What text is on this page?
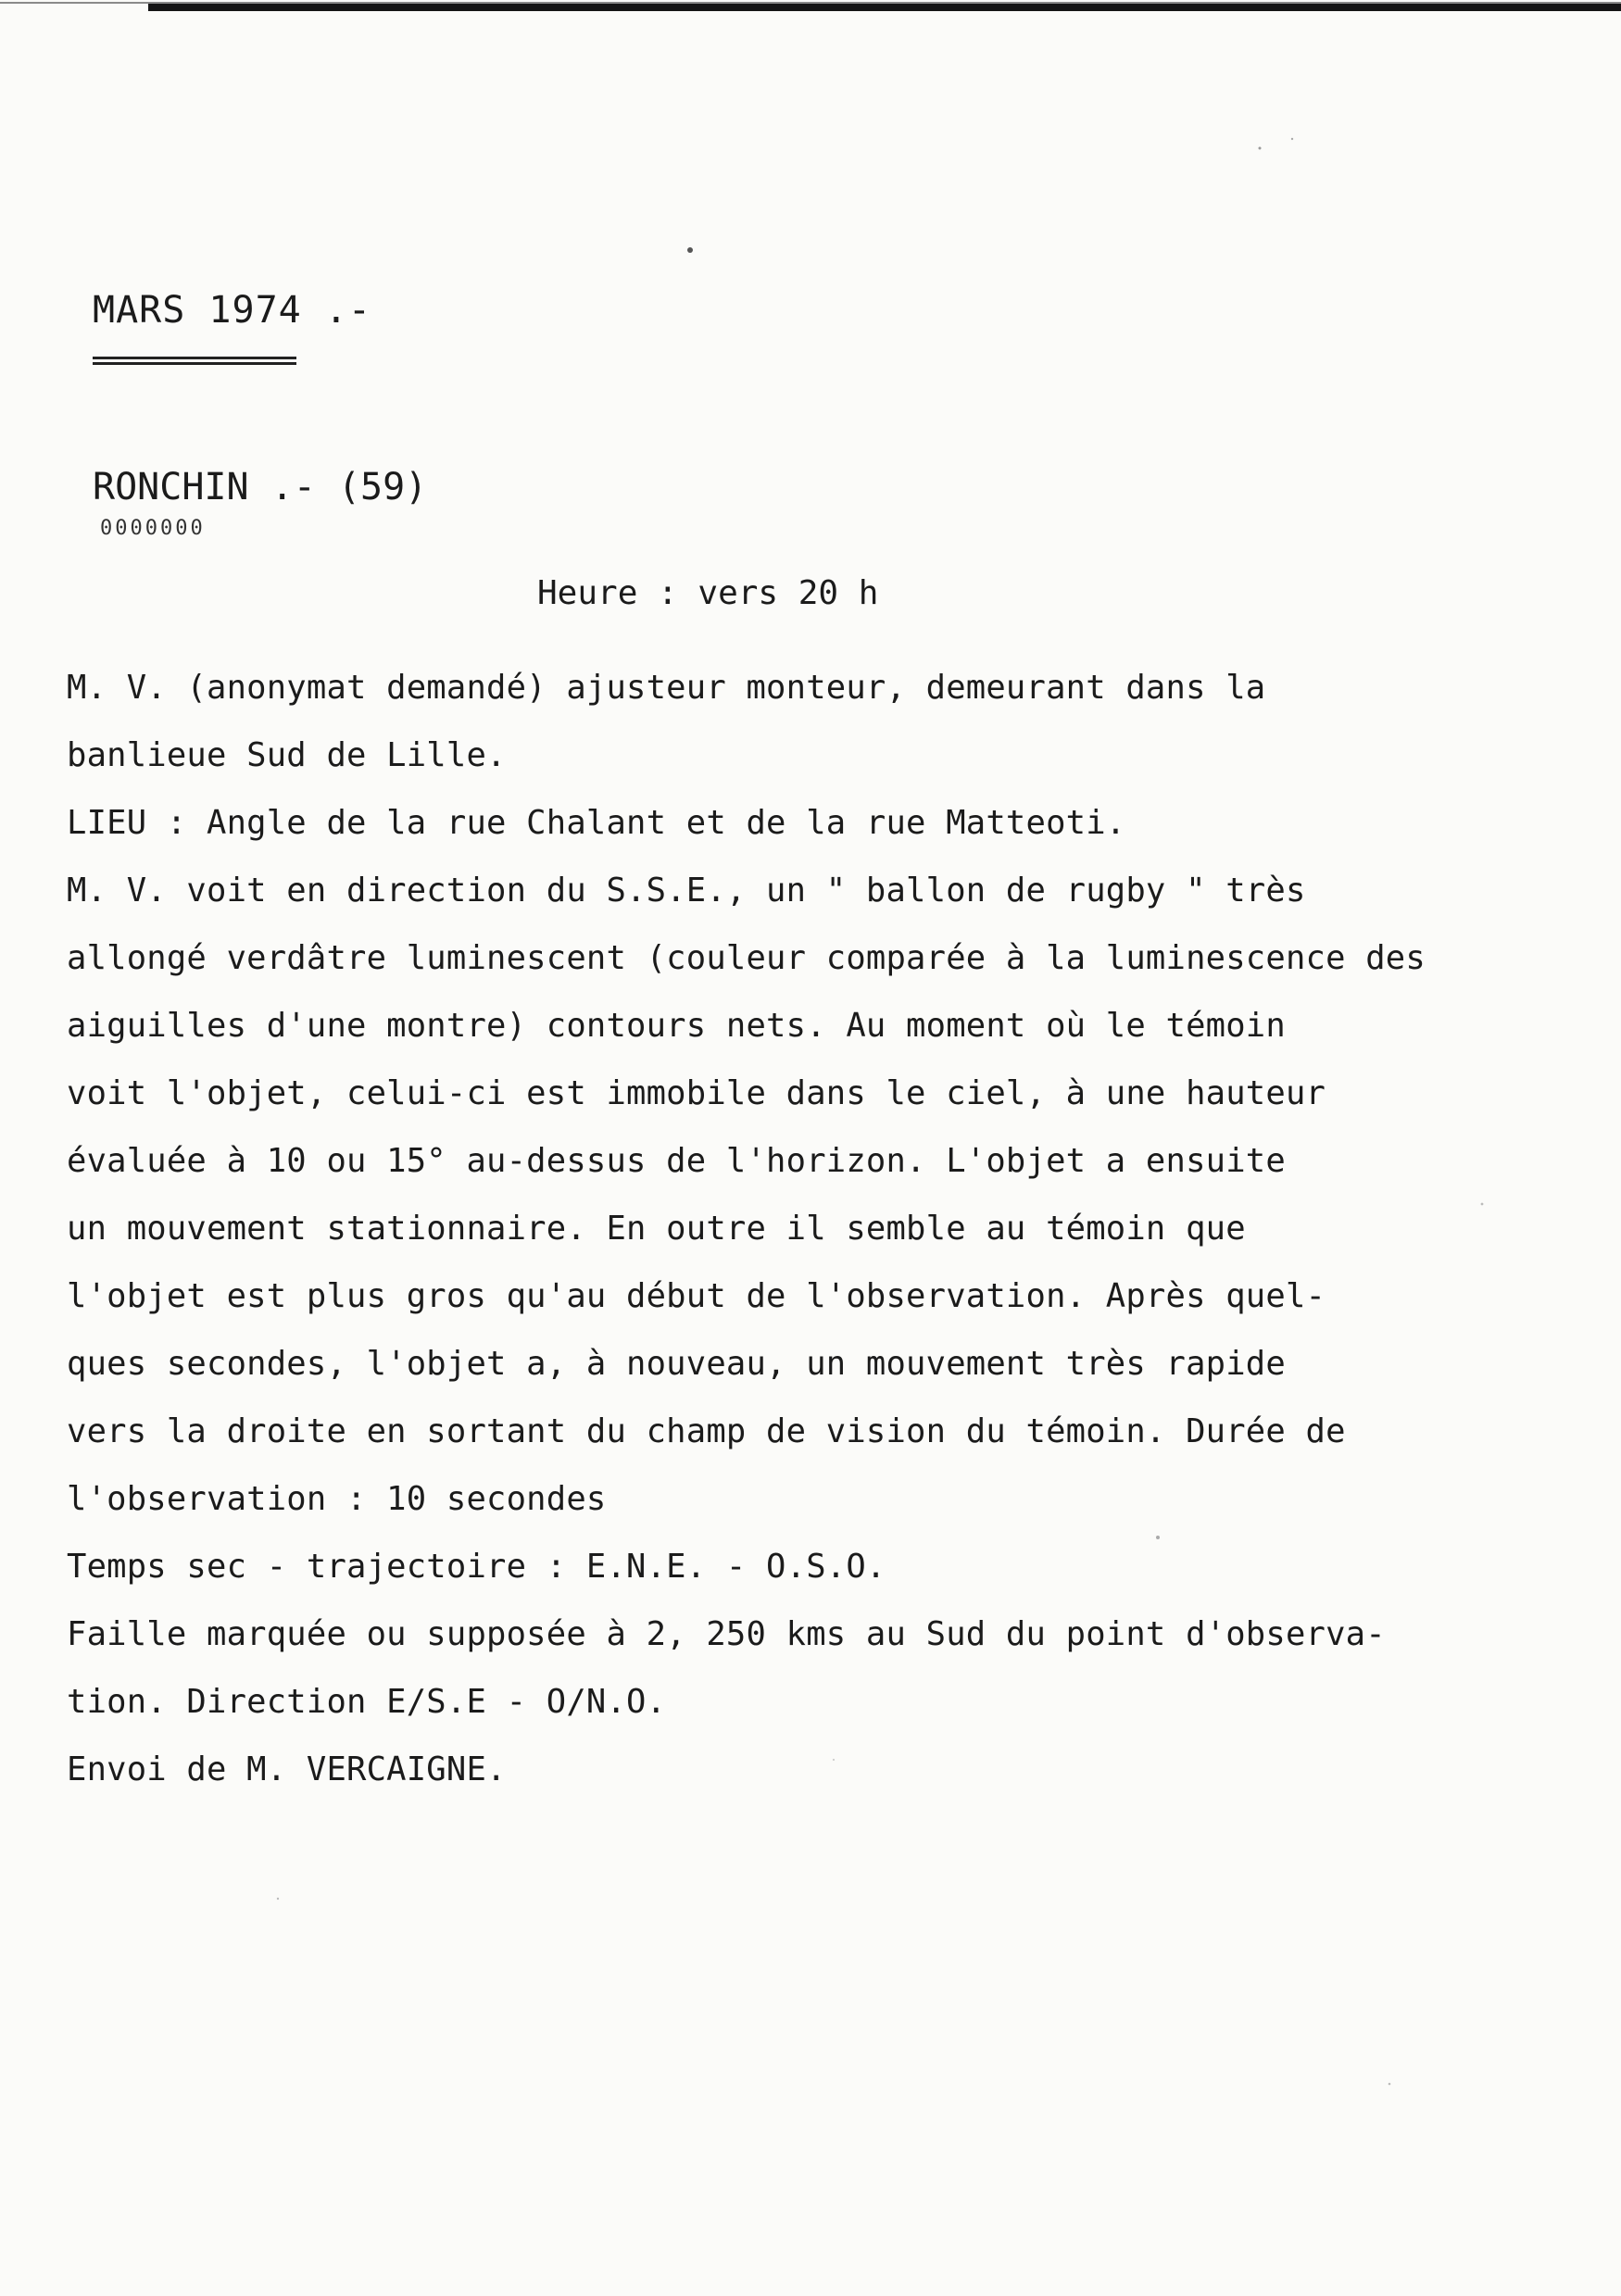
MARS 1974 .-
RONCHIN .- (59)
0000000
Heure : vers 20 h
M. V. (anonymat demandé) ajusteur monteur, demeurant dans la
banlieue Sud de Lille.
LIEU : Angle de la rue Chalant et de la rue Matteoti.
M. V. voit en direction du S.S.E., un " ballon de rugby " très
allongé verdâtre luminescent (couleur comparée à la luminescence des
aiguilles d'une montre) contours nets. Au moment où le témoin
voit l'objet, celui-ci est immobile dans le ciel, à une hauteur
évaluée à 10 ou 15° au-dessus de l'horizon. L'objet a ensuite
un mouvement stationnaire. En outre il semble au témoin que
l'objet est plus gros qu'au début de l'observation. Après quel-
ques secondes, l'objet a, à nouveau, un mouvement très rapide
vers la droite en sortant du champ de vision du témoin. Durée de
l'observation : 10 secondes
Temps sec - trajectoire : E.N.E. - O.S.O.
Faille marquée ou supposée à 2, 250 kms au Sud du point d'observa-
tion. Direction E/S.E - O/N.O.
Envoi de M. VERCAIGNE.
